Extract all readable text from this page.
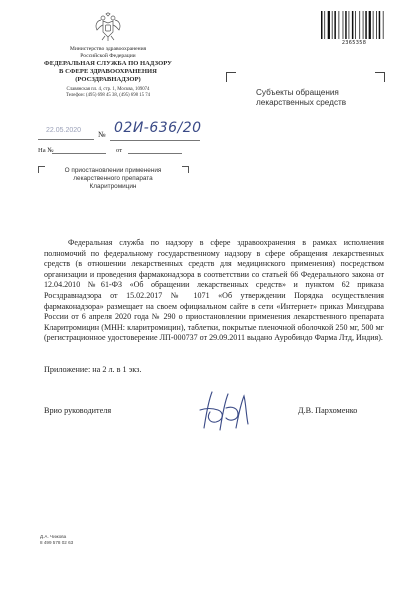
Министерство здравоохранения
Российской Федерации
ФЕДЕРАЛЬНАЯ СЛУЖБА ПО НАДЗОРУ
В СФЕРЕ ЗДРАВООХРАНЕНИЯ
(РОСЗДРАВНАДЗОР)
Славянская пл. 4, стр. 1, Москва, 109074
Телефон: (495) 698 45 38, (495) 698 15 74
2365358
Субъекты обращения
лекарственных средств
22.05.2020 № 02И-636/20
На №	от
О приостановлении применения
лекарственного препарата
Кларитромицин
Федеральная служба по надзору в сфере здравоохранения в рамках исполнения полномочий по федеральному государственному надзору в сфере обращения лекарственных средств (в отношении лекарственных средств для медицинского применения) посредством организации и проведения фармаконадзора в соответствии со статьей 66 Федерального закона от 12.04.2010 №61-ФЗ «Об обращении лекарственных средств» и пунктом 62 приказа Росздравнадзора от 15.02.2017 № 1071 «Об утверждении Порядка осуществления фармаконадзора» размещает на своем официальном сайте в сети «Интернет» приказ Минздрава России от 6 апреля 2020 года № 290 о приостановлении применения лекарственного препарата Кларитромицин (МНН: кларитромицин), таблетки, покрытые пленочной оболочкой 250 мг, 500 мг (регистрационное удостоверение ЛП-000737 от 29.09.2011 выдано Ауробиндо Фарма Лтд, Индия).
Приложение: на 2 л. в 1 экз.
Врио руководителя	Д.В. Пархоменко
Д.А. Чижова
8 499 578 02 63
